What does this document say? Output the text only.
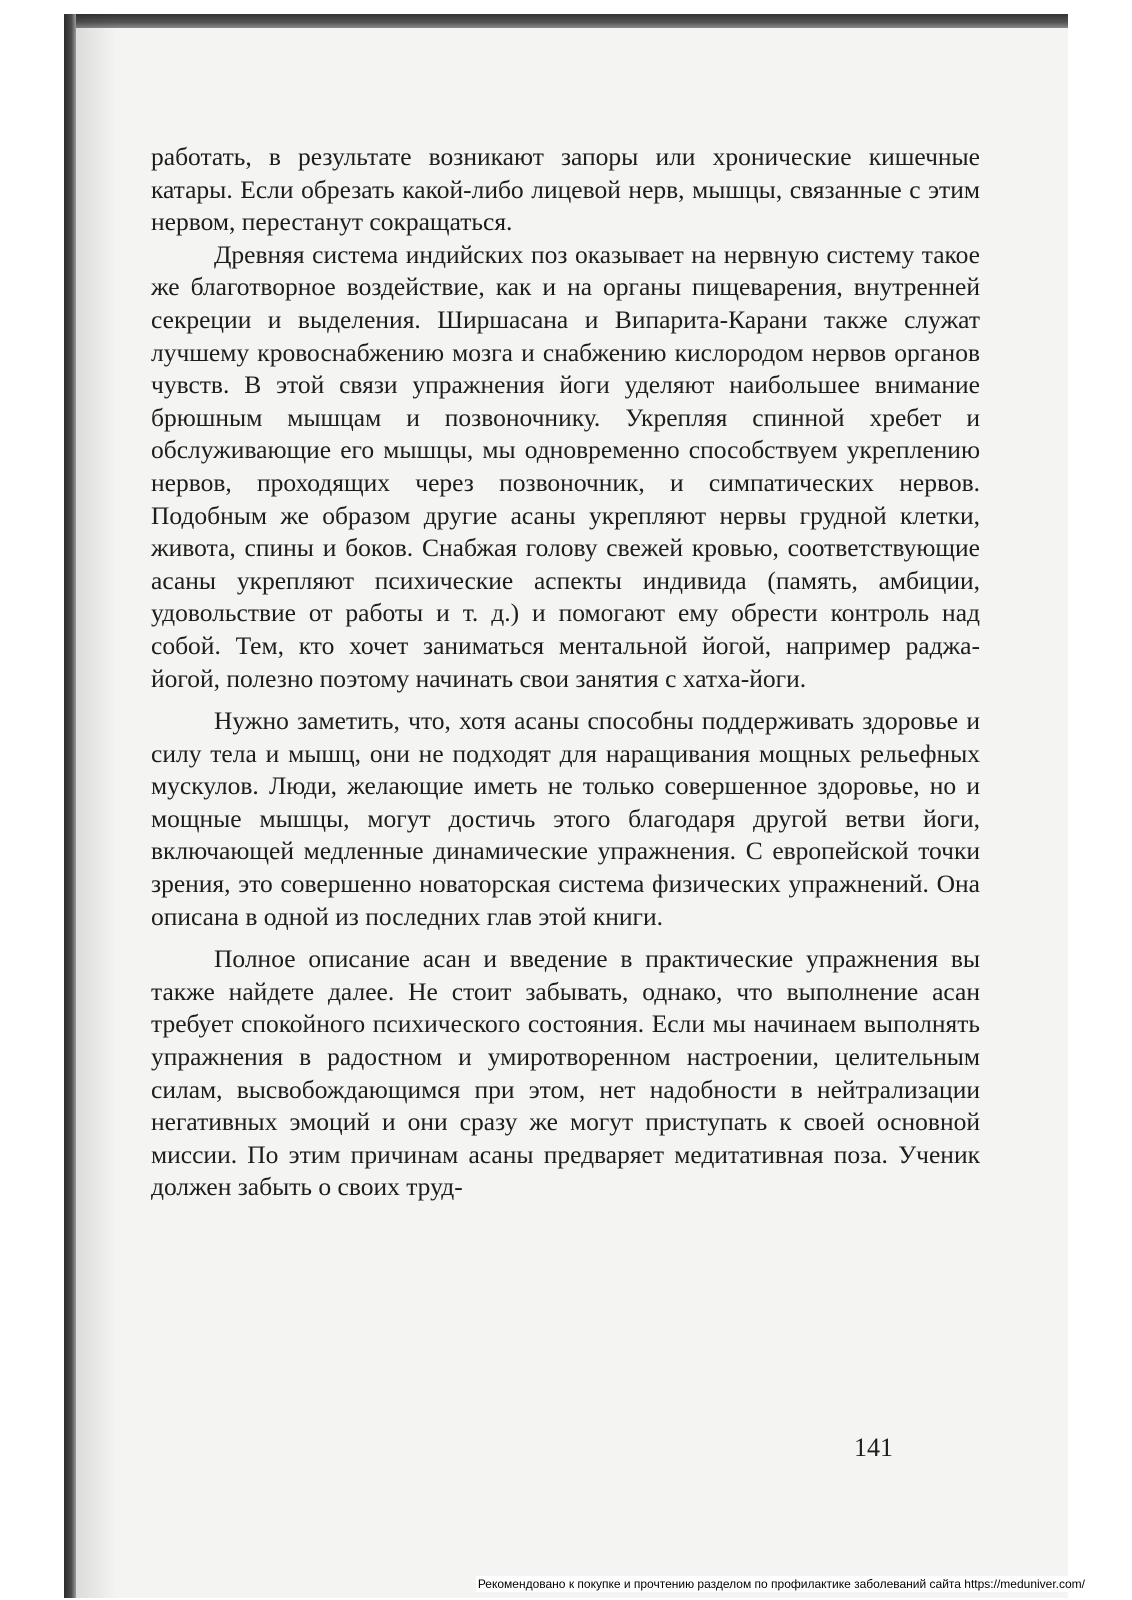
работать, в результате возникают запоры или хронические кишечные катары. Если обрезать какой-либо лицевой нерв, мышцы, связанные с этим нервом, перестанут сокращаться.

Древняя система индийских поз оказывает на нервную систему такое же благотворное воздействие, как и на органы пищеварения, внутренней секреции и выделения. Ширшасана и Випарита-Карани также служат лучшему кровоснабжению мозга и снабжению кислородом нервов органов чувств. В этой связи упражнения йоги уделяют наибольшее внимание брюшным мышцам и позвоночнику. Укрепляя спинной хребет и обслуживающие его мышцы, мы одновременно способствуем укреплению нервов, проходящих через позвоночник, и симпатических нервов. Подобным же образом другие асаны укрепляют нервы грудной клетки, живота, спины и боков. Снабжая голову свежей кровью, соответствующие асаны укрепляют психические аспекты индивида (память, амбиции, удовольствие от работы и т. д.) и помогают ему обрести контроль над собой. Тем, кто хочет заниматься ментальной йогой, например раджа-йогой, полезно поэтому начинать свои занятия с хатха-йоги.

Нужно заметить, что, хотя асаны способны поддерживать здоровье и силу тела и мышц, они не подходят для наращивания мощных рельефных мускулов. Люди, желающие иметь не только совершенное здоровье, но и мощные мышцы, могут достичь этого благодаря другой ветви йоги, включающей медленные динамические упражнения. С европейской точки зрения, это совершенно новаторская система физических упражнений. Она описана в одной из последних глав этой книги.

Полное описание асан и введение в практические упражнения вы также найдете далее. Не стоит забывать, однако, что выполнение асан требует спокойного психического состояния. Если мы начинаем выполнять упражнения в радостном и умиротворенном настроении, целительным силам, высвобождающимся при этом, нет надобности в нейтрализации негативных эмоций и они сразу же могут приступать к своей основной миссии. По этим причинам асаны предваряет медитативная поза. Ученик должен забыть о своих труд-

141
Рекомендовано к покупке и прочтению разделом по профилактике заболеваний сайта https://meduniver.com/
